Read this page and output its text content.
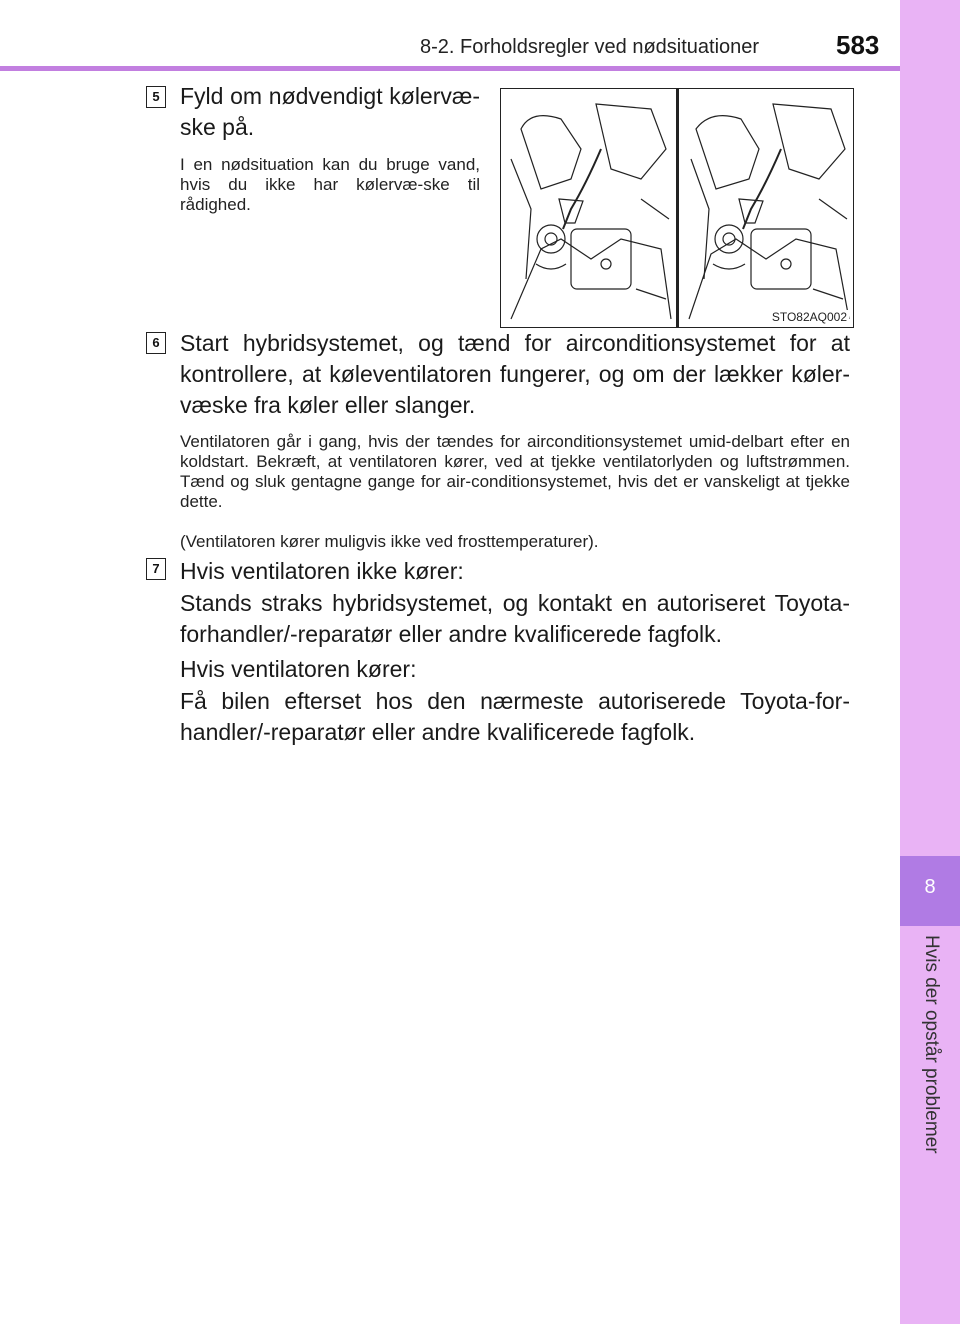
8-2. Forholdsregler ved nødsituationer	583
8
Hvis der opstår problemer
5 Fyld om nødvendigt kølervæ-ske på.
I en nødsituation kan du bruge vand, hvis du ikke har kølervæ-ske til rådighed.
STO82AQ002
6 Start hybridsystemet, og tænd for airconditionsystemet for at kontrollere, at køleventilatoren fungerer, og om der lækker køler-væske fra køler eller slanger.
Ventilatoren går i gang, hvis der tændes for airconditionsystemet umid-delbart efter en koldstart. Bekræft, at ventilatoren kører, ved at tjekke ventilatorlyden og luftstrømmen. Tænd og sluk gentagne gange for air-conditionsystemet, hvis det er vanskeligt at tjekke dette.
(Ventilatoren kører muligvis ikke ved frosttemperaturer).
7 Hvis ventilatoren ikke kører:
Stands straks hybridsystemet, og kontakt en autoriseret Toyota-forhandler/-reparatør eller andre kvalificerede fagfolk.
Hvis ventilatoren kører:
Få bilen efterset hos den nærmeste autoriserede Toyota-for-handler/-reparatør eller andre kvalificerede fagfolk.
